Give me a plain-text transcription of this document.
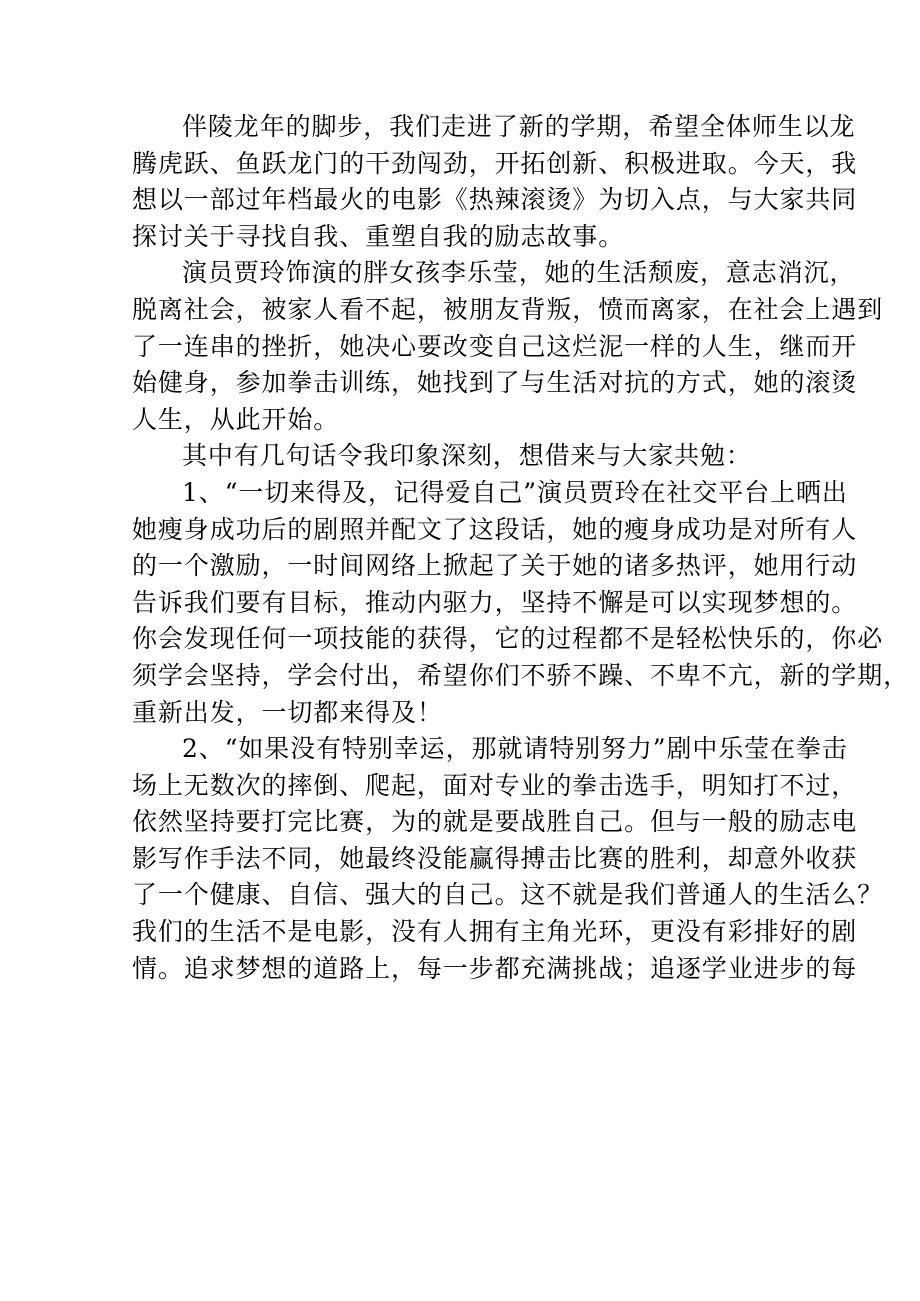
伴陵龙年的脚步，我们走进了新的学期，希望全体师生以龙
腾虎跃、鱼跃龙门的干劲闯劲，开拓创新、积极进取。今天，我
想以一部过年档最火的电影《热辣滚烫》为切入点，与大家共同
探讨关于寻找自我、重塑自我的励志故事。

演员贾玲饰演的胖女孩李乐莹，她的生活颓废，意志消沉，
脱离社会，被家人看不起，被朋友背叛，愤而离家，在社会上遇到
了一连串的挫折，她决心要改变自己这烂泥一样的人生，继而开
始健身，参加拳击训练，她找到了与生活对抗的方式，她的滚烫
人生，从此开始。

其中有几句话令我印象深刻，想借来与大家共勉：

1、“一切来得及，记得爱自己”演员贾玲在社交平台上晒出
她瘦身成功后的剧照并配文了这段话，她的瘦身成功是对所有人
的一个激励，一时间网络上掀起了关于她的诸多热评，她用行动
告诉我们要有目标，推动内驱力，坚持不懈是可以实现梦想的。
你会发现任何一项技能的获得，它的过程都不是轻松快乐的，你必
须学会坚持，学会付出，希望你们不骄不躁、不卑不亢，新的学期，
重新出发，一切都来得及！

2、“如果没有特别幸运，那就请特别努力”剧中乐莹在拳击
场上无数次的摔倒、爬起，面对专业的拳击选手，明知打不过，
依然坚持要打完比赛，为的就是要战胜自己。但与一般的励志电
影写作手法不同，她最终没能赢得搏击比赛的胜利，却意外收获
了一个健康、自信、强大的自己。这不就是我们普通人的生活么？
我们的生活不是电影，没有人拥有主角光环，更没有彩排好的剧
情。追求梦想的道路上，每一步都充满挑战；追逐学业进步的每
